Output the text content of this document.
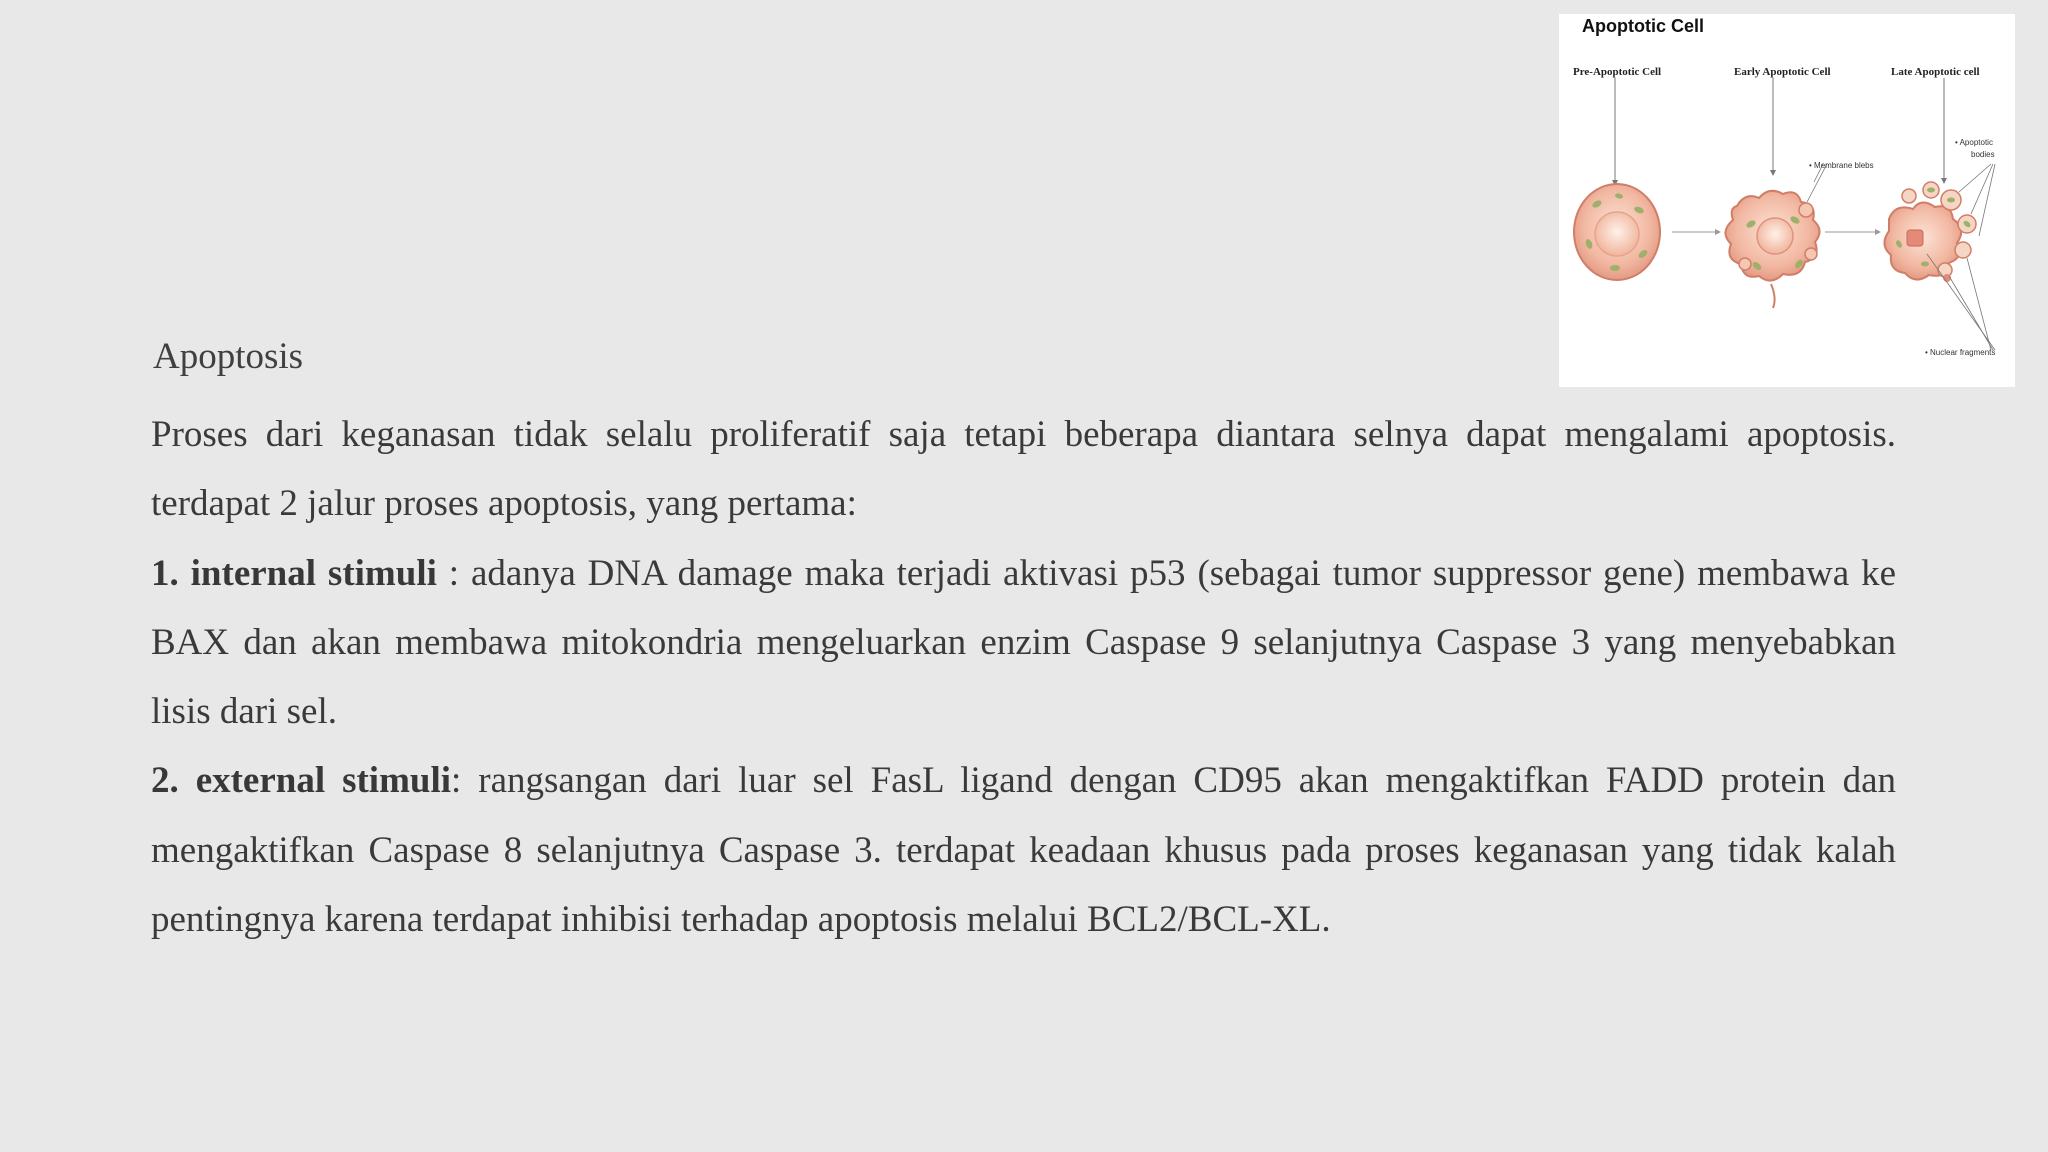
Apoptosis

Proses dari keganasan tidak selalu proliferatif saja tetapi beberapa diantara selnya dapat mengalami apoptosis. terdapat 2 jalur proses apoptosis, yang pertama:

1. internal stimuli : adanya DNA damage maka terjadi aktivasi p53 (sebagai tumor suppressor gene) membawa ke BAX dan akan membawa mitokondria mengeluarkan enzim Caspase 9 selanjutnya Caspase 3 yang menyebabkan lisis dari sel.

2. external stimuli: rangsangan dari luar sel FasL ligand dengan CD95 akan mengaktifkan FADD protein dan mengaktifkan Caspase 8 selanjutnya Caspase 3. terdapat keadaan khusus pada proses keganasan yang tidak kalah pentingnya karena terdapat inhibisi terhadap apoptosis melalui BCL2/BCL-XL.

Apoptotic Cell
Pre-Apoptotic Cell	Early Apoptotic Cell	Late Apoptotic cell
• Membrane blebs
• Apoptotic
bodies
• Nuclear fragments
